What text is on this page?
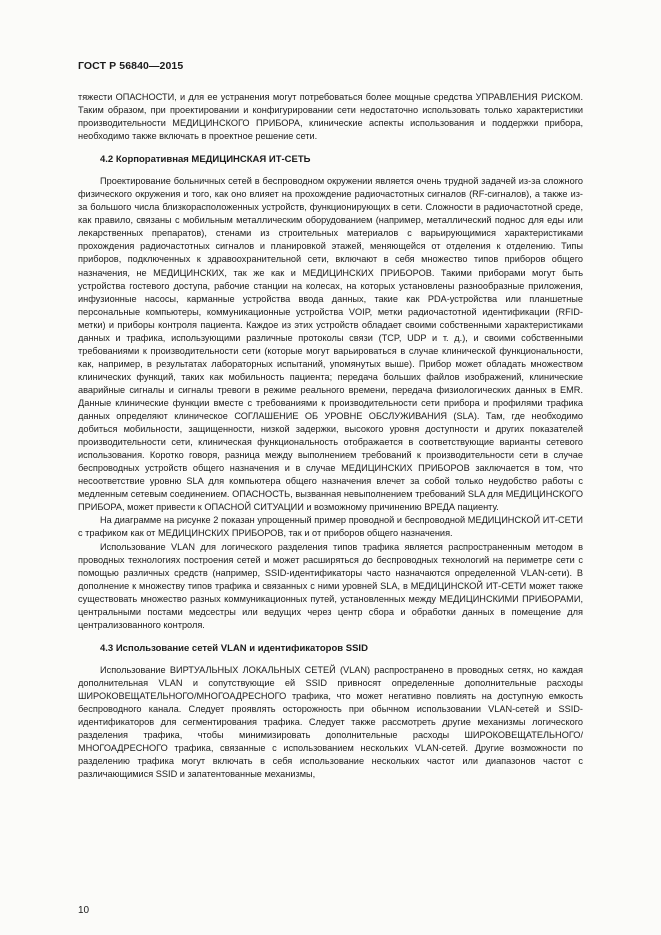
ГОСТ Р 56840—2015

тяжести ОПАСНОСТИ, и для ее устранения могут потребоваться более мощные средства УПРАВЛЕНИЯ РИСКОМ. Таким образом, при проектировании и конфигурировании сети недостаточно использовать только характеристики производительности МЕДИЦИНСКОГО ПРИБОРА, клинические аспекты использования и поддержки прибора, необходимо также включать в проектное решение сети.

4.2 Корпоративная МЕДИЦИНСКАЯ ИТ-СЕТЬ

Проектирование больничных сетей в беспроводном окружении является очень трудной задачей из-за сложного физического окружения и того, как оно влияет на прохождение радиочастотных сигналов (RF-сигналов), а также из-за большого числа близкорасположенных устройств, функционирующих в сети. Сложности в радиочастотной среде, как правило, связаны с мобильным металлическим оборудованием (например, металлический поднос для еды или лекарственных препаратов), стенами из строительных материалов с варьирующимися характеристиками прохождения радиочастотных сигналов и планировкой этажей, меняющейся от отделения к отделению. Типы приборов, подключенных к здравоохранительной сети, включают в себя множество типов приборов общего назначения, не МЕДИЦИНСКИХ, так же как и МЕДИЦИНСКИХ ПРИБОРОВ. Такими приборами могут быть устройства гостевого доступа, рабочие станции на колесах, на которых установлены разнообразные приложения, инфузионные насосы, карманные устройства ввода данных, такие как PDA-устройства или планшетные персональные компьютеры, коммуникационные устройства VOIP, метки радиочастотной идентификации (RFID-метки) и приборы контроля пациента. Каждое из этих устройств обладает своими собственными характеристиками данных и трафика, использующими различные протоколы связи (TCP, UDP и т. д.), и своими собственными требованиями к производительности сети (которые могут варьироваться в случае клинической функциональности, как, например, в результатах лабораторных испытаний, упомянутых выше). Прибор может обладать множеством клинических функций, таких как мобильность пациента; передача больших файлов изображений, клинические аварийные сигналы и сигналы тревоги в режиме реального времени, передача физиологических данных в EMR. Данные клинические функции вместе с требованиями к производительности сети прибора и профилями трафика данных определяют клиническое СОГЛАШЕНИЕ ОБ УРОВНЕ ОБСЛУЖИВАНИЯ (SLA). Там, где необходимо добиться мобильности, защищенности, низкой задержки, высокого уровня доступности и других показателей производительности сети, клиническая функциональность отображается в соответствующие варианты сетевого использования. Коротко говоря, разница между выполнением требований к производительности сети в случае беспроводных устройств общего назначения и в случае МЕДИЦИНСКИХ ПРИБОРОВ заключается в том, что несоответствие уровню SLA для компьютера общего назначения влечет за собой только неудобство работы с медленным сетевым соединением. ОПАСНОСТЬ, вызванная невыполнением требований SLA для МЕДИЦИНСКОГО ПРИБОРА, может привести к ОПАСНОЙ СИТУАЦИИ и возможному причинению ВРЕДА пациенту.

На диаграмме на рисунке 2 показан упрощенный пример проводной и беспроводной МЕДИЦИНСКОЙ ИТ-СЕТИ с трафиком как от МЕДИЦИНСКИХ ПРИБОРОВ, так и от приборов общего назначения.

Использование VLAN для логического разделения типов трафика является распространенным методом в проводных технологиях построения сетей и может расширяться до беспроводных технологий на периметре сети с помощью различных средств (например, SSID-идентификаторы часто назначаются определенной VLAN-сети). В дополнение к множеству типов трафика и связанных с ними уровней SLA, в МЕДИЦИНСКОЙ ИТ-СЕТИ может также существовать множество разных коммуникационных путей, установленных между МЕДИЦИНСКИМИ ПРИБОРАМИ, центральными постами медсестры или ведущих через центр сбора и обработки данных в помещение для централизованного контроля.

4.3 Использование сетей VLAN и идентификаторов SSID

Использование ВИРТУАЛЬНЫХ ЛОКАЛЬНЫХ СЕТЕЙ (VLAN) распространено в проводных сетях, но каждая дополнительная VLAN и сопутствующие ей SSID привносят определенные дополнительные расходы ШИРОКОВЕЩАТЕЛЬНОГО/МНОГОАДРЕСНОГО трафика, что может негативно повлиять на доступную емкость беспроводного канала. Следует проявлять осторожность при обычном использовании VLAN-сетей и SSID-идентификаторов для сегментирования трафика. Следует также рассмотреть другие механизмы логического разделения трафика, чтобы минимизировать дополнительные расходы ШИРОКОВЕЩАТЕЛЬНОГО/МНОГОАДРЕСНОГО трафика, связанные с использованием нескольких VLAN-сетей. Другие возможности по разделению трафика могут включать в себя использование нескольких частот или диапазонов частот с различающимися SSID и запатентованные механизмы,

10
